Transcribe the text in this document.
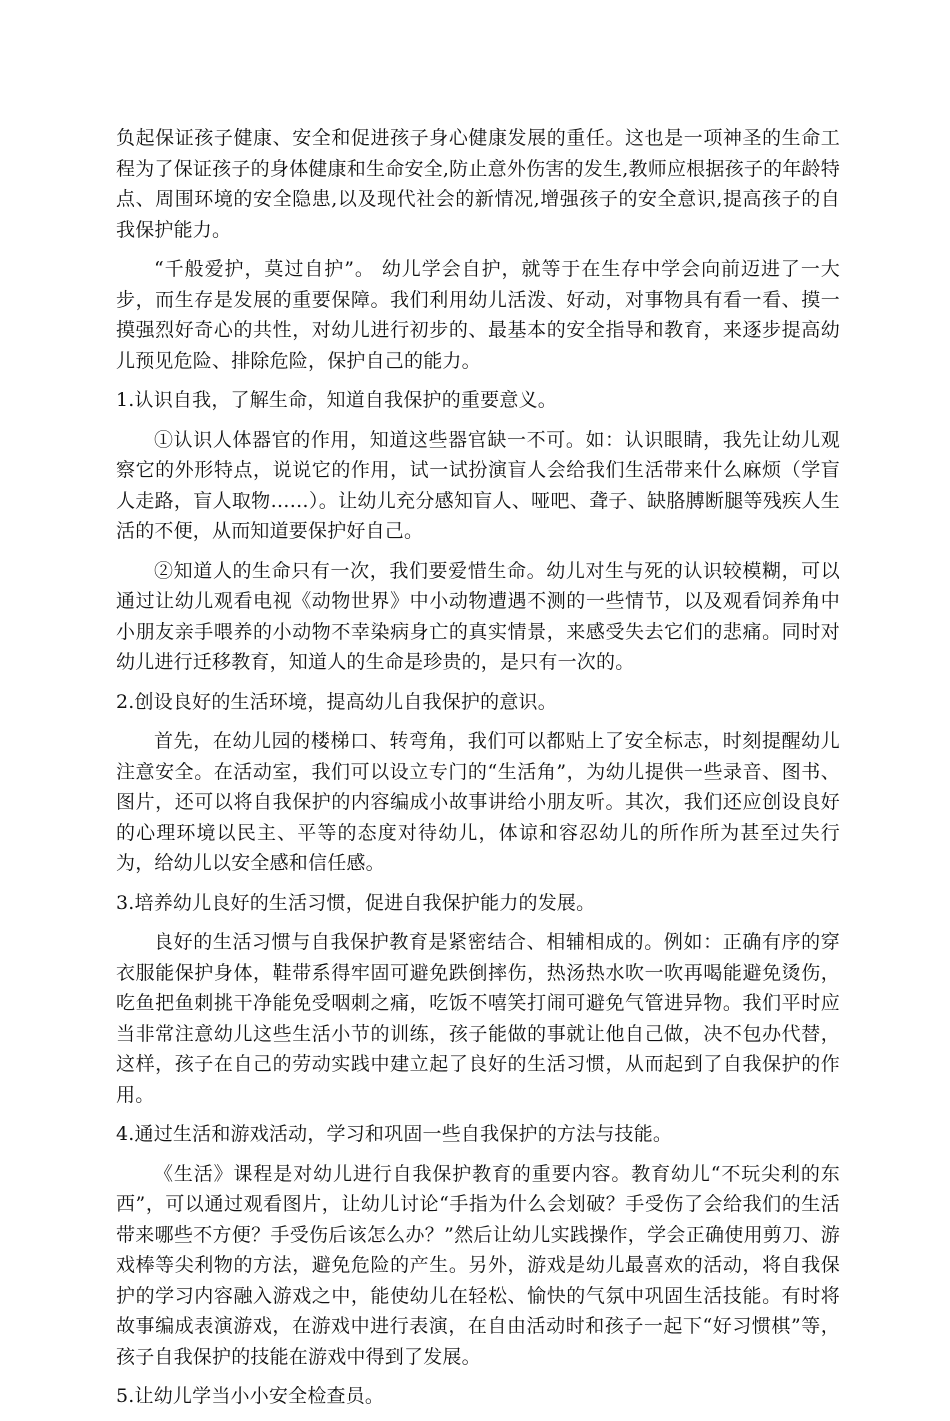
负起保证孩子健康、安全和促进孩子身心健康发展的重任。这也是一项神圣的生命工程为了保证孩子的身体健康和生命安全,防止意外伤害的发生,教师应根据孩子的年龄特点、周围环境的安全隐患,以及现代社会的新情况,增强孩子的安全意识,提高孩子的自我保护能力。

“千般爱护，莫过自护”。 幼儿学会自护，就等于在生存中学会向前迈进了一大步，而生存是发展的重要保障。我们利用幼儿活泼、好动，对事物具有看一看、摸一摸强烈好奇心的共性，对幼儿进行初步的、最基本的安全指导和教育，来逐步提高幼儿预见危险、排除危险，保护自己的能力。

1.认识自我，了解生命，知道自我保护的重要意义。

①认识人体器官的作用，知道这些器官缺一不可。如：认识眼睛，我先让幼儿观察它的外形特点，说说它的作用，试一试扮演盲人会给我们生活带来什么麻烦（学盲人走路，盲人取物……）。让幼儿充分感知盲人、哑吧、聋子、缺胳膊断腿等残疾人生活的不便，从而知道要保护好自己。

②知道人的生命只有一次，我们要爱惜生命。幼儿对生与死的认识较模糊，可以通过让幼儿观看电视《动物世界》中小动物遭遇不测的一些情节，以及观看饲养角中小朋友亲手喂养的小动物不幸染病身亡的真实情景，来感受失去它们的悲痛。同时对幼儿进行迁移教育，知道人的生命是珍贵的，是只有一次的。

2.创设良好的生活环境，提高幼儿自我保护的意识。

首先，在幼儿园的楼梯口、转弯角，我们可以都贴上了安全标志，时刻提醒幼儿注意安全。在活动室，我们可以设立专门的“生活角”，为幼儿提供一些录音、图书、图片，还可以将自我保护的内容编成小故事讲给小朋友听。其次，我们还应创设良好的心理环境以民主、平等的态度对待幼儿，体谅和容忍幼儿的所作所为甚至过失行为，给幼儿以安全感和信任感。

3.培养幼儿良好的生活习惯，促进自我保护能力的发展。

良好的生活习惯与自我保护教育是紧密结合、相辅相成的。例如：正确有序的穿衣服能保护身体，鞋带系得牢固可避免跌倒摔伤，热汤热水吹一吹再喝能避免烫伤，吃鱼把鱼刺挑干净能免受咽刺之痛，吃饭不嘻笑打闹可避免气管进异物。我们平时应当非常注意幼儿这些生活小节的训练，孩子能做的事就让他自己做，决不包办代替，这样，孩子在自己的劳动实践中建立起了良好的生活习惯，从而起到了自我保护的作用。

4.通过生活和游戏活动，学习和巩固一些自我保护的方法与技能。

《生活》课程是对幼儿进行自我保护教育的重要内容。教育幼儿“不玩尖利的东西”，可以通过观看图片，让幼儿讨论“手指为什么会划破？手受伤了会给我们的生活带来哪些不方便？手受伤后该怎么办？”然后让幼儿实践操作，学会正确使用剪刀、游戏棒等尖利物的方法，避免危险的产生。另外，游戏是幼儿最喜欢的活动，将自我保护的学习内容融入游戏之中，能使幼儿在轻松、愉快的气氛中巩固生活技能。有时将故事编成表演游戏，在游戏中进行表演，在自由活动时和孩子一起下“好习惯棋”等，孩子自我保护的技能在游戏中得到了发展。

5.让幼儿学当小小安全检查员。
